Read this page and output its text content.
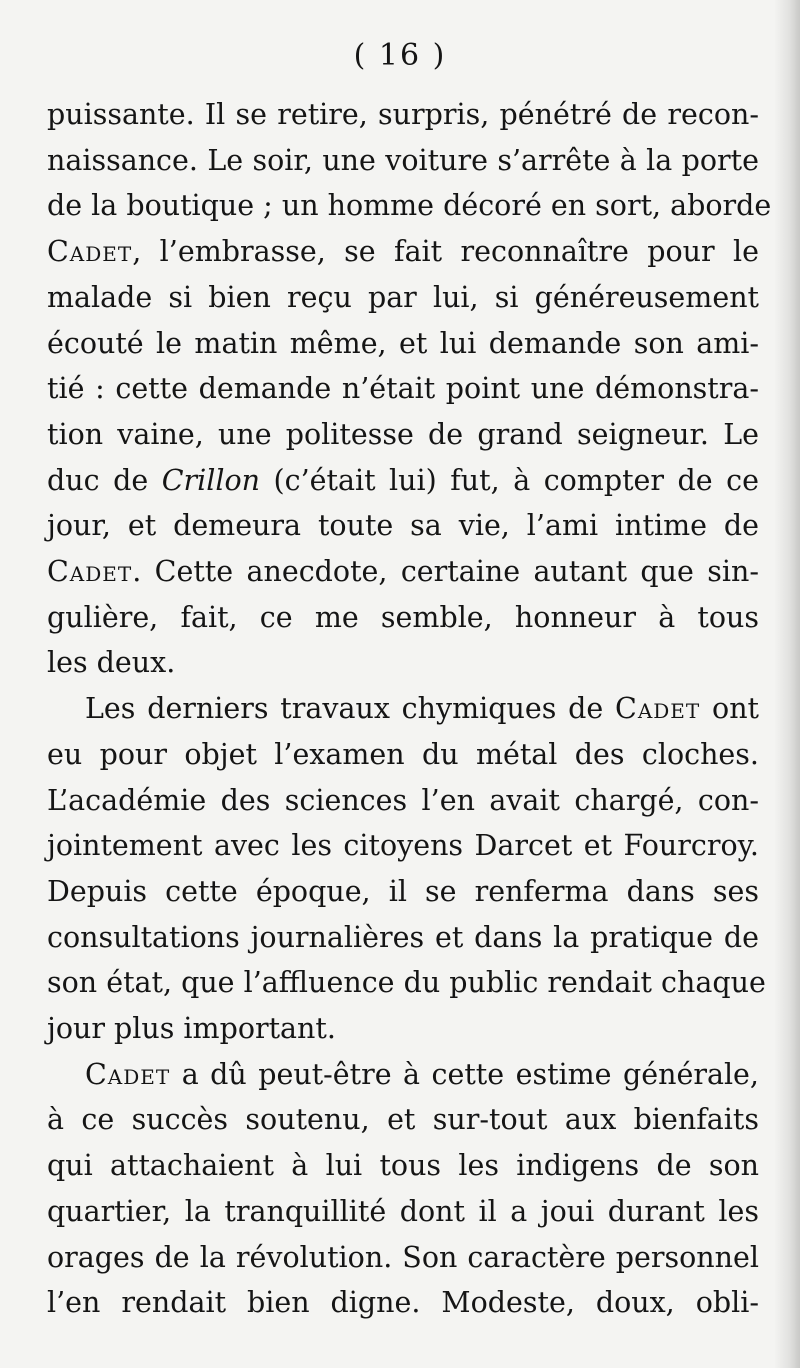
( 16 )
puissante. Il se retire, surpris, pénétré de recon-
naissance. Le soir, une voiture s’arrête à la porte
de la boutique ; un homme décoré en sort, aborde
Cadet, l’embrasse, se fait reconnaître pour le
malade si bien reçu par lui, si généreusement
écouté le matin même, et lui demande son ami-
tié : cette demande n’était point une démonstra-
tion vaine, une politesse de grand seigneur. Le
duc de Crillon (c’était lui) fut, à compter de ce
jour, et demeura toute sa vie, l’ami intime de
Cadet. Cette anecdote, certaine autant que sin-
gulière, fait, ce me semble, honneur à tous
les deux.
Les derniers travaux chymiques de Cadet ont
eu pour objet l’examen du métal des cloches.
L’académie des sciences l’en avait chargé, con-
jointement avec les citoyens Darcet et Fourcroy.
Depuis cette époque, il se renferma dans ses
consultations journalières et dans la pratique de
son état, que l’affluence du public rendait chaque
jour plus important.
Cadet a dû peut-être à cette estime générale,
à ce succès soutenu, et sur-tout aux bienfaits
qui attachaient à lui tous les indigens de son
quartier, la tranquillité dont il a joui durant les
orages de la révolution. Son caractère personnel
l’en rendait bien digne. Modeste, doux, obli-
